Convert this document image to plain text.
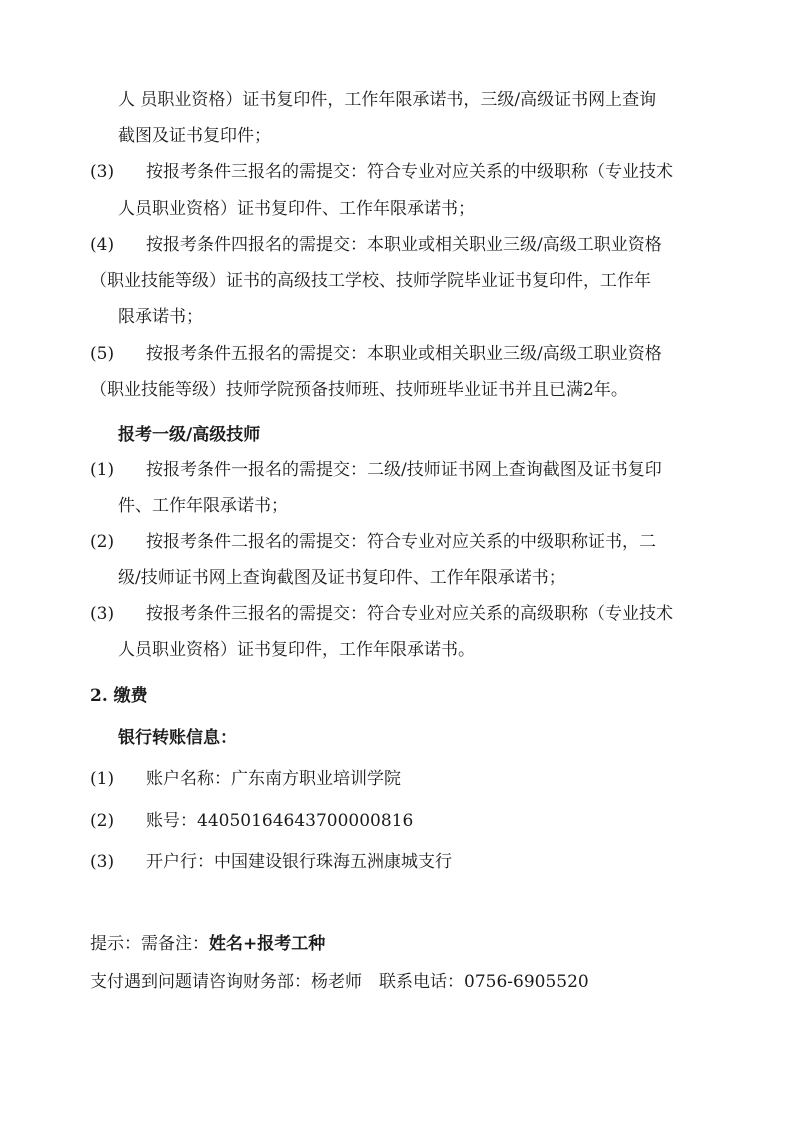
人 员职业资格）证书复印件，工作年限承诺书，三级/高级证书网上查询
截图及证书复印件；
(3) 按报考条件三报名的需提交：符合专业对应关系的中级职称（专业技术
人员职业资格）证书复印件、工作年限承诺书；
(4) 按报考条件四报名的需提交：本职业或相关职业三级/高级工职业资格
（职业技能等级）证书的高级技工学校、技师学院毕业证书复印件，工作年
限承诺书；
(5) 按报考条件五报名的需提交：本职业或相关职业三级/高级工职业资格
（职业技能等级）技师学院预备技师班、技师班毕业证书并且已满2年。
报考一级/高级技师
(1) 按报考条件一报名的需提交：二级/技师证书网上查询截图及证书复印
件、工作年限承诺书；
(2) 按报考条件二报名的需提交：符合专业对应关系的中级职称证书，二
级/技师证书网上查询截图及证书复印件、工作年限承诺书；
(3) 按报考条件三报名的需提交：符合专业对应关系的高级职称（专业技术
人员职业资格）证书复印件，工作年限承诺书。
2. 缴费
银行转账信息：
(1) 账户名称：广东南方职业培训学院
(2) 账号：44050164643700000816
(3) 开户行：中国建设银行珠海五洲康城支行
提示：需备注：姓名+报考工种
支付遇到问题请咨询财务部：杨老师　联系电话：0756-6905520
